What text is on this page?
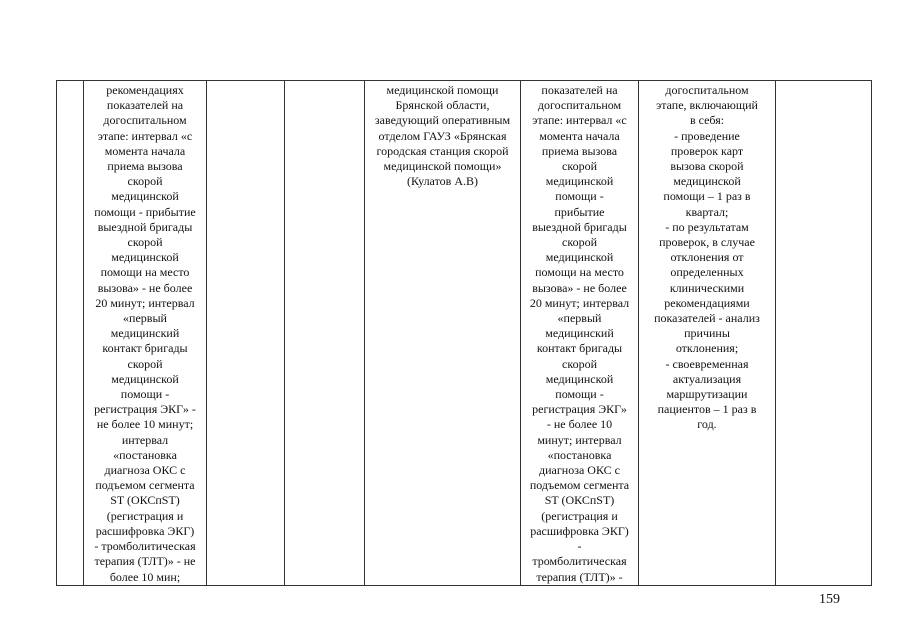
	рекомендациях
показателей на
догоспитальном
этапе: интервал «с
момента начала
приема вызова
скорой
медицинской
помощи - прибытие
выездной бригады
скорой
медицинской
помощи на место
вызова» - не более
20 минут; интервал
«первый
медицинский
контакт бригады
скорой
медицинской
помощи -
регистрация ЭКГ» -
не более 10 минут;
интервал
«постановка
диагноза ОКС с
подъемом сегмента
ST (ОКСпST)
(регистрация и
расшифровка ЭКГ)
- тромболитическая
терапия (ТЛТ)» - не
более 10 мин;			медицинской помощи
Брянской области,
заведующий оперативным
отделом ГАУЗ «Брянская
городская станция скорой
медицинской помощи»
(Кулатов А.В)	показателей на
догоспитальном
этапе: интервал «с
момента начала
приема вызова
скорой
медицинской
помощи -
прибытие
выездной бригады
скорой
медицинской
помощи на место
вызова» - не более
20 минут; интервал
«первый
медицинский
контакт бригады
скорой
медицинской
помощи -
регистрация ЭКГ»
- не более 10
минут; интервал
«постановка
диагноза ОКС с
подъемом сегмента
ST (ОКСпST)
(регистрация и
расшифровка ЭКГ)
-
тромболитическая
терапия (ТЛТ)» -	догоспитальном
этапе, включающий
в себя:
- проведение
проверок карт
вызова скорой
медицинской
помощи – 1 раз в
квартал;
- по результатам
проверок, в случае
отклонения от
определенных
клиническими
рекомендациями
показателей - анализ
причины
отклонения;
- своевременная
актуализация
маршрутизации
пациентов – 1 раз в
год.	
159
